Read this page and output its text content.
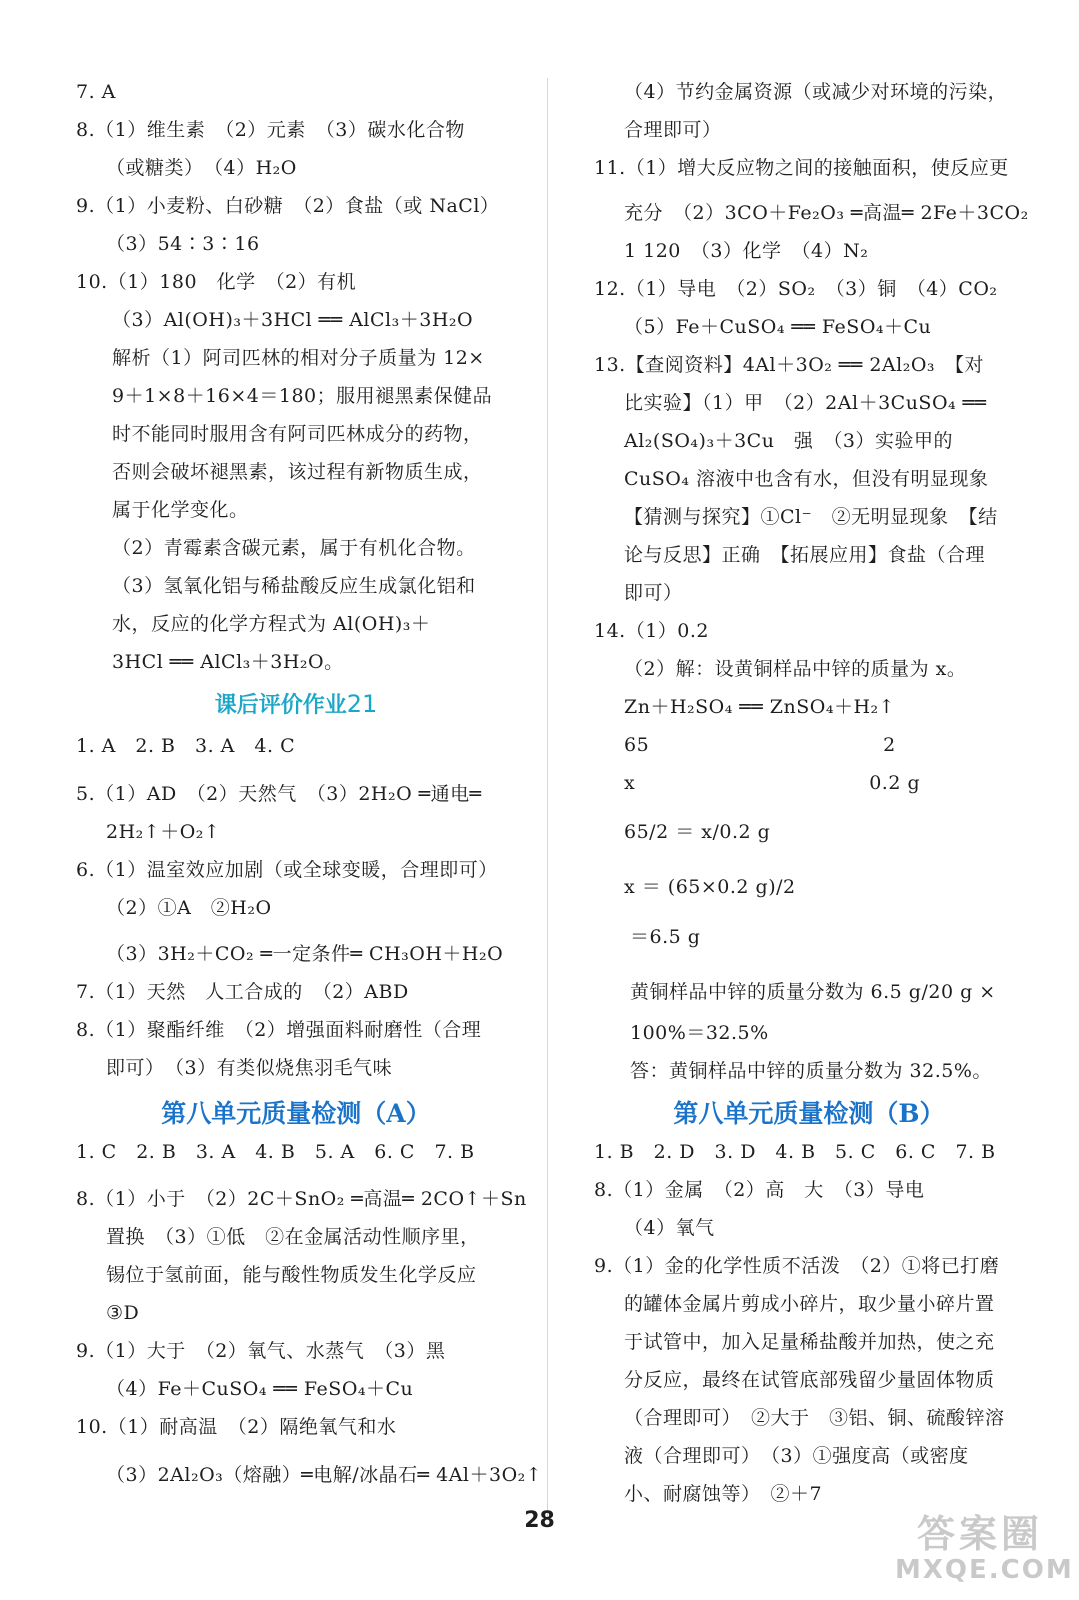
7. A
8.（1）维生素　（2）元素　（3）碳水化合物
（或糖类）　（4）H₂O
9.（1）小麦粉、白砂糖　（2）食盐（或 NaCl）
（3）54∶3∶16
10.（1）180　化学　（2）有机
（3）Al(OH)₃＋3HCl ══ AlCl₃＋3H₂O
解析（1）阿司匹林的相对分子质量为 12×
9＋1×8＋16×4＝180；服用褪黑素保健品
时不能同时服用含有阿司匹林成分的药物，
否则会破坏褪黑素，该过程有新物质生成，
属于化学变化。
（2）青霉素含碳元素，属于有机化合物。
（3）氢氧化铝与稀盐酸反应生成氯化铝和
水，反应的化学方程式为 Al(OH)₃＋
3HCl ══ AlCl₃＋3H₂O。
1. A　2. B　3. A　4. C
5.（1）AD　（2）天然气　（3）2H₂O ═通电═
2H₂↑＋O₂↑
6.（1）温室效应加剧（或全球变暖，合理即可）
（2）①A　②H₂O
（3）3H₂＋CO₂ ═一定条件═ CH₃OH＋H₂O
7.（1）天然　人工合成的　（2）ABD
8.（1）聚酯纤维　（2）增强面料耐磨性（合理
即可）　（3）有类似烧焦羽毛气味
1. C　2. B　3. A　4. B　5. A　6. C　7. B
8.（1）小于　（2）2C＋SnO₂ ═高温═ 2CO↑＋Sn
置换　（3）①低　②在金属活动性顺序里，
锡位于氢前面，能与酸性物质发生化学反应
③D
9.（1）大于　（2）氧气、水蒸气　（3）黑
（4）Fe＋CuSO₄ ══ FeSO₄＋Cu
10.（1）耐高温　（2）隔绝氧气和水
（3）2Al₂O₃（熔融）═电解/冰晶石═ 4Al＋3O₂↑
（4）节约金属资源（或减少对环境的污染，
合理即可）
11.（1）增大反应物之间的接触面积，使反应更
充分　（2）3CO＋Fe₂O₃ ═高温═ 2Fe＋3CO₂
1 120　（3）化学　（4）N₂
12.（1）导电　（2）SO₂　（3）铜　（4）CO₂
（5）Fe＋CuSO₄ ══ FeSO₄＋Cu
13.【查阅资料】4Al＋3O₂ ══ 2Al₂O₃　【对
比实验】（1）甲　（2）2Al＋3CuSO₄ ══
Al₂(SO₄)₃＋3Cu　强　（3）实验甲的
CuSO₄ 溶液中也含有水，但没有明显现象
【猜测与探究】①Cl⁻　②无明显现象　【结
论与反思】正确　【拓展应用】食盐（合理
即可）
14.（1）0.2
（2）解：设黄铜样品中锌的质量为 x。
Zn＋H₂SO₄ ══ ZnSO₄＋H₂↑
65　　　　　　　　　　　　2
x　　　　　　　　　　　　0.2 g
65/2 ＝ x/0.2 g
x ＝ (65×0.2 g)/2
＝6.5 g
黄铜样品中锌的质量分数为 6.5 g/20 g ×
100%＝32.5%
答：黄铜样品中锌的质量分数为 32.5%。
1. B　2. D　3. D　4. B　5. C　6. C　7. B
8.（1）金属　（2）高　大　（3）导电
（4）氧气
9.（1）金的化学性质不活泼　（2）①将已打磨
的罐体金属片剪成小碎片，取少量小碎片置
于试管中，加入足量稀盐酸并加热，使之充
分反应，最终在试管底部残留少量固体物质
（合理即可）　②大于　③铝、铜、硫酸锌溶
液（合理即可）　（3）①强度高（或密度
小、耐腐蚀等）　②＋7
课后评价作业21
第八单元质量检测（A）	第八单元质量检测（B）
28	答案圈
MXQE.COM
